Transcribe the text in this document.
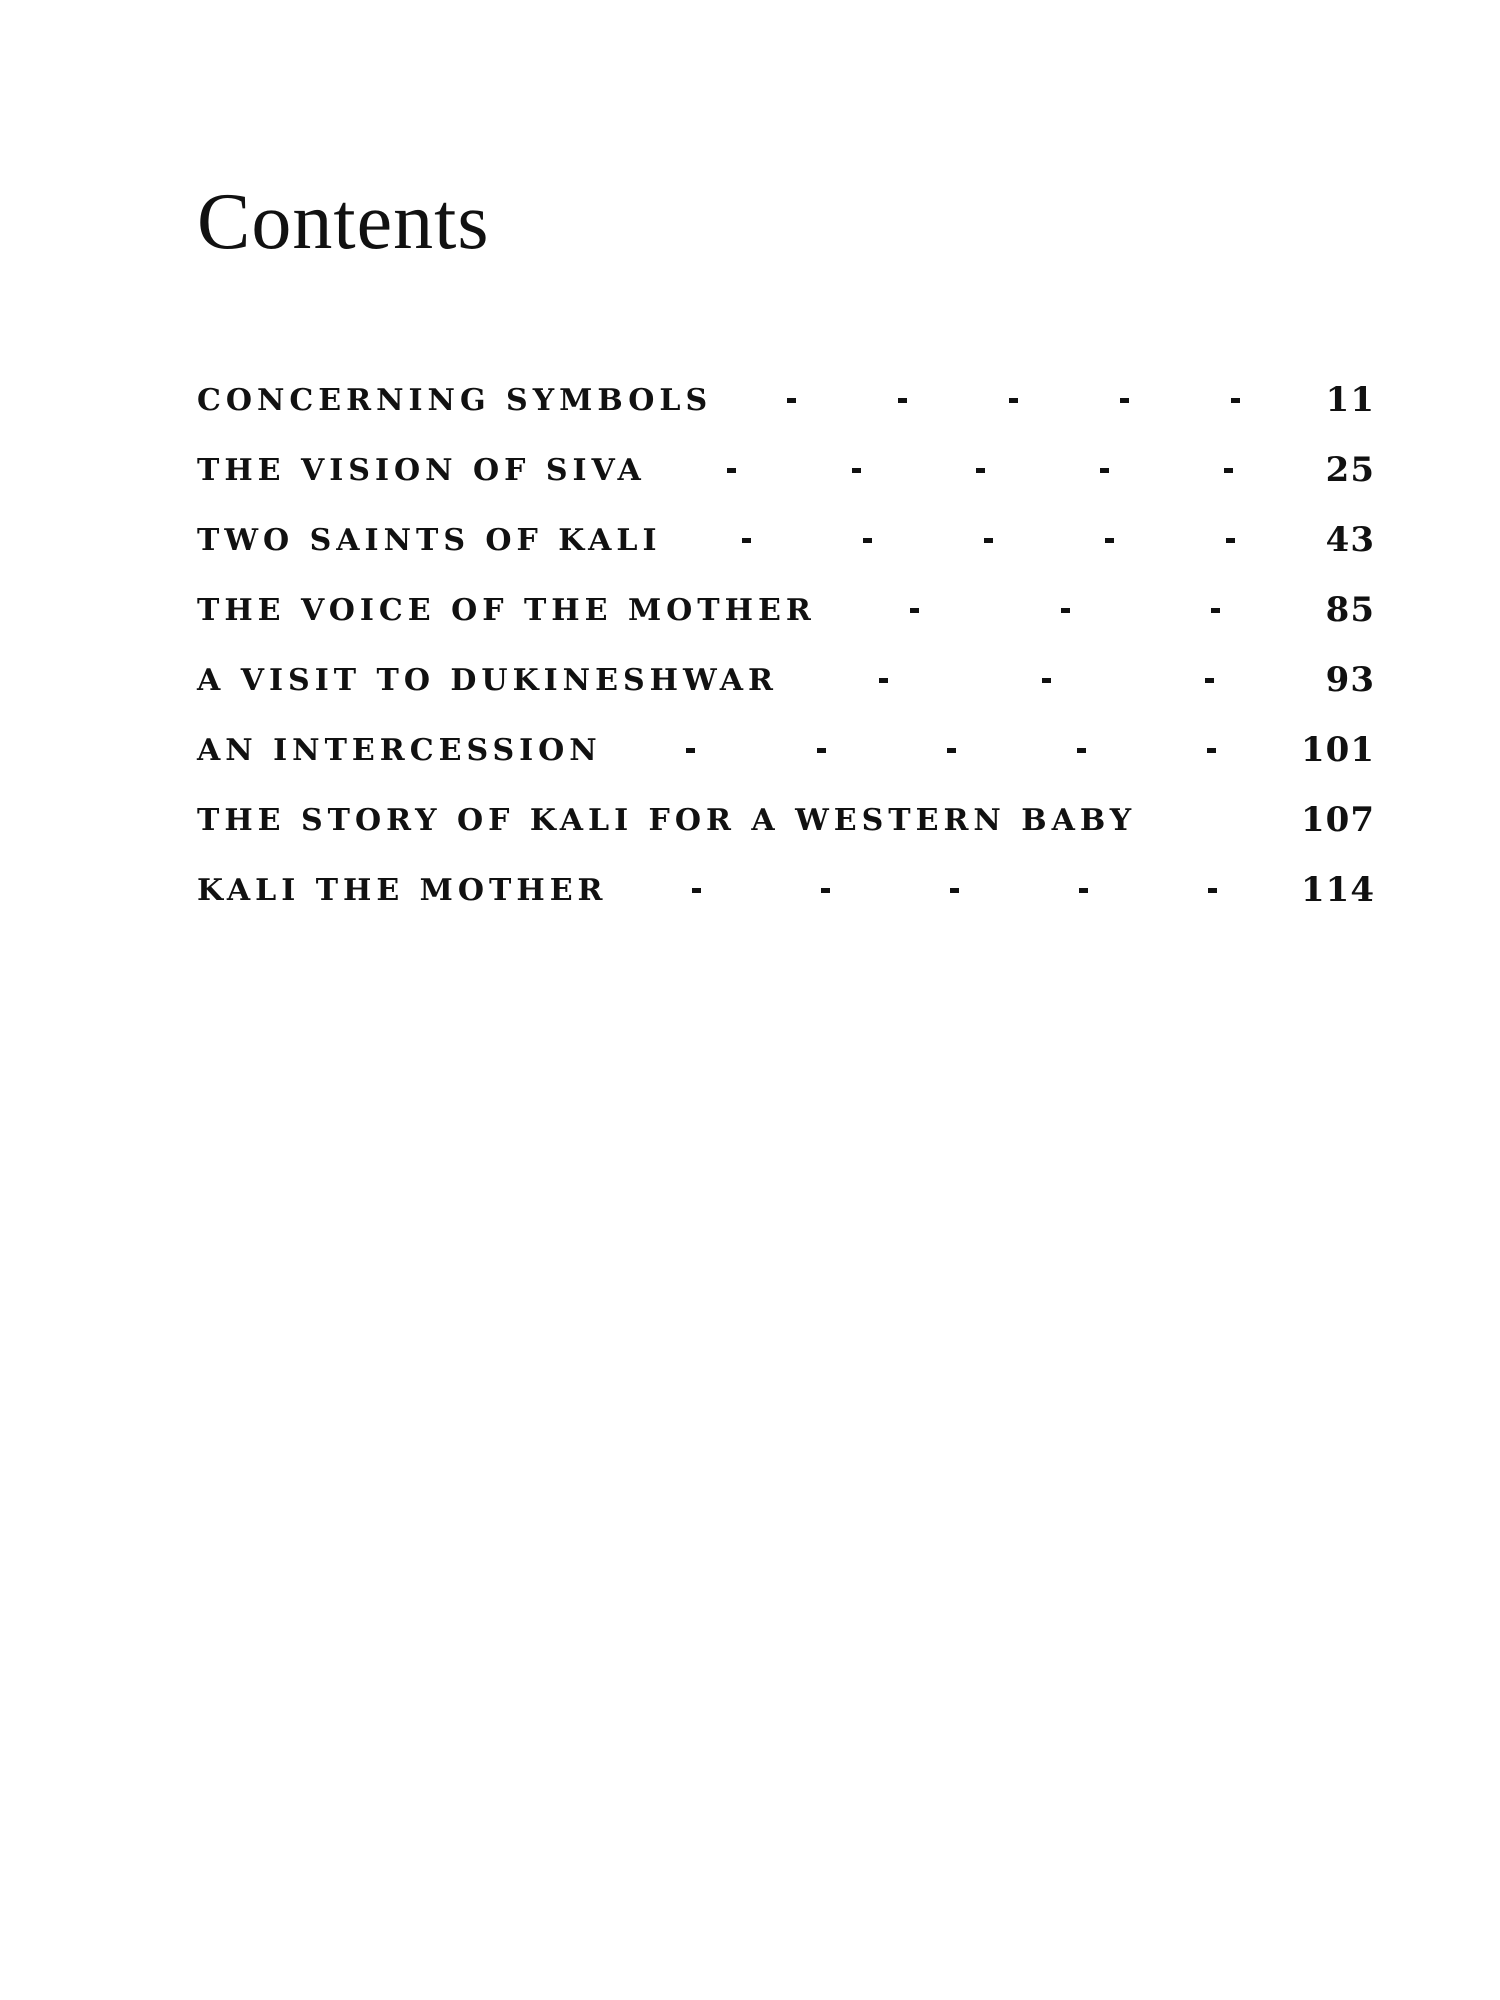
Contents
CONCERNING SYMBOLS	11
THE VISION OF SIVA	25
TWO SAINTS OF KALI	43
THE VOICE OF THE MOTHER	85
A VISIT TO DUKINESHWAR	93
AN INTERCESSION	101
THE STORY OF KALI FOR A WESTERN BABY	107
KALI THE MOTHER	114
